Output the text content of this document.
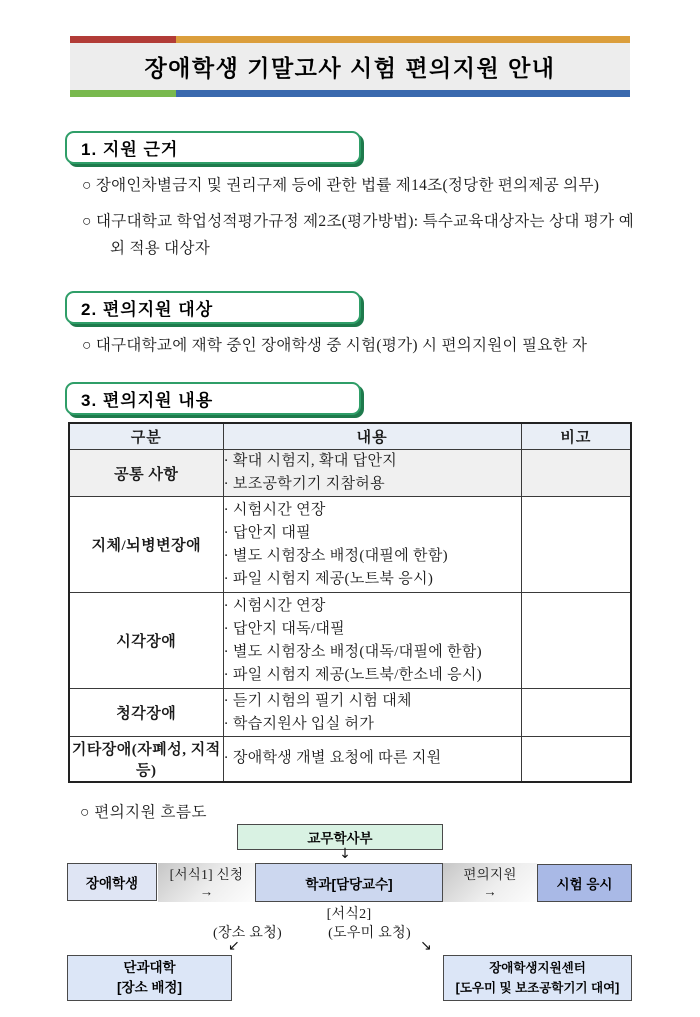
장애학생 기말고사 시험 편의지원 안내
1. 지원 근거

○ 장애인차별금지 및 권리구제 등에 관한 법률 제14조(정당한 편의제공 의무)

○ 대구대학교 학업성적평가규정 제2조(평가방법): 특수교육대상자는 상대 평가 예외 적용 대상자

2. 편의지원 대상

○ 대구대학교에 재학 중인 장애학생 중 시험(평가) 시 편의지원이 필요한 자

3. 편의지원 내용
구분	내용	비고
공통 사항	· 확대 시험지, 확대 답안지
· 보조공학기기 지참허용	

지체/뇌병변장애	· 시험시간 연장
· 답안지 대필
· 별도 시험장소 배정(대필에 한함)
· 파일 시험지 제공(노트북 응시)	

시각장애	· 시험시간 연장
· 답안지 대독/대필
· 별도 시험장소 배정(대독/대필에 한함)
· 파일 시험지 제공(노트북/한소네 응시)	

청각장애	· 듣기 시험의 필기 시험 대체
· 학습지원사 입실 허가	

기타장애(자폐성, 지적 등)	· 장애학생 개별 요청에 따른 지원	

○ 편의지원 흐름도
교무학사부
↓
장애학생
[서식1] 신청
→	학과[담당교수]
편의지원
→	시험 응시
[서식2]
(장소 요청)	(도우미 요청)
↙	↘
단과대학
[장소 배정]
장애학생지원센터
[도우미 및 보조공학기기 대여]
